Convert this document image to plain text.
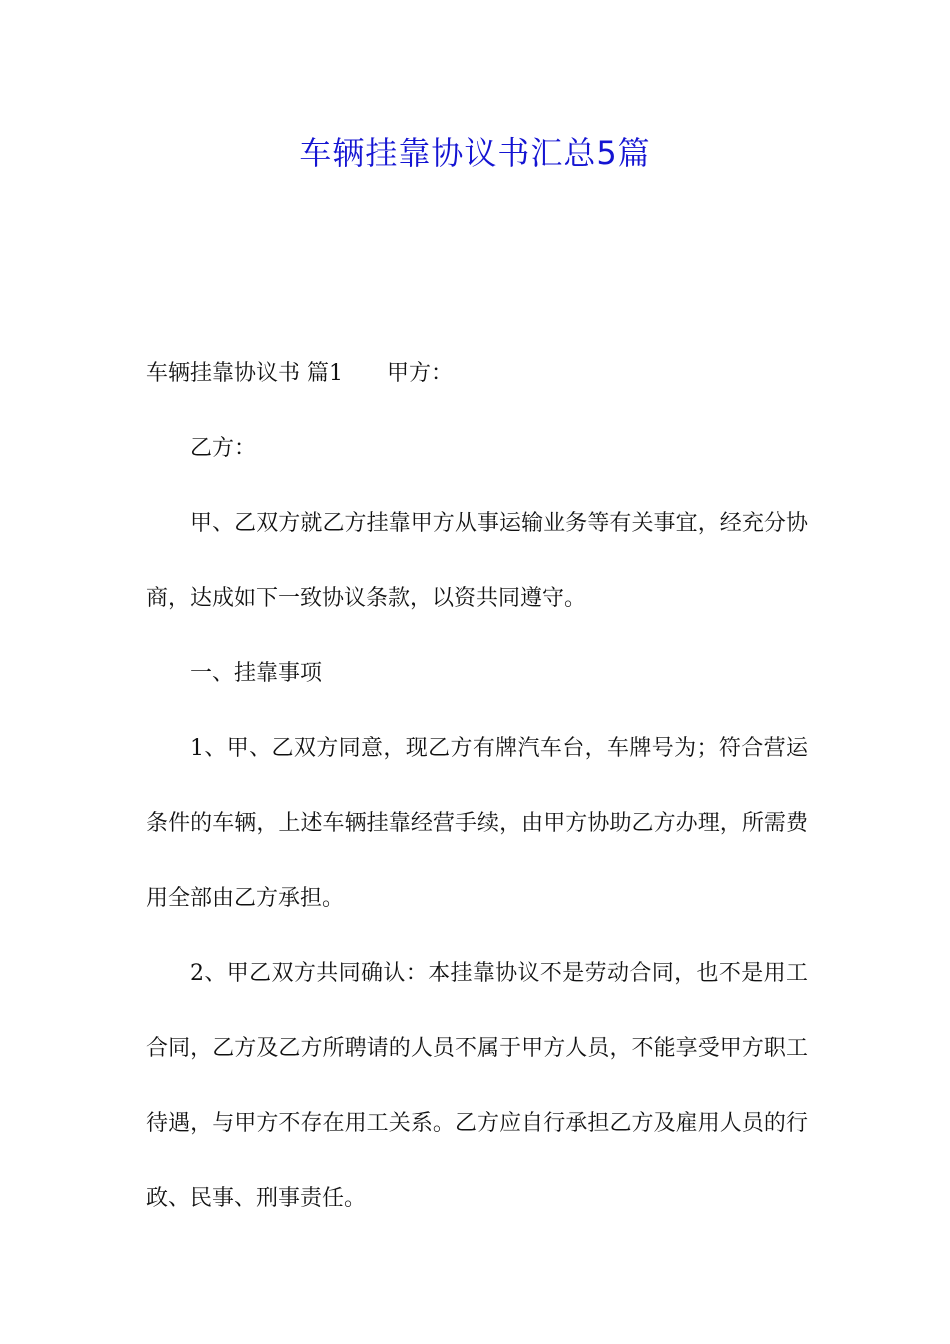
车辆挂靠协议书汇总5篇

车辆挂靠协议书 篇1 甲方：

乙方：

甲、乙双方就乙方挂靠甲方从事运输业务等有关事宜，经充分协商，达成如下一致协议条款，以资共同遵守。

一、挂靠事项

1、甲、乙双方同意，现乙方有牌汽车台，车牌号为；符合营运条件的车辆，上述车辆挂靠经营手续，由甲方协助乙方办理，所需费用全部由乙方承担。

2、甲乙双方共同确认：本挂靠协议不是劳动合同，也不是用工合同，乙方及乙方所聘请的人员不属于甲方人员，不能享受甲方职工待遇，与甲方不存在用工关系。乙方应自行承担乙方及雇用人员的行政、民事、刑事责任。
